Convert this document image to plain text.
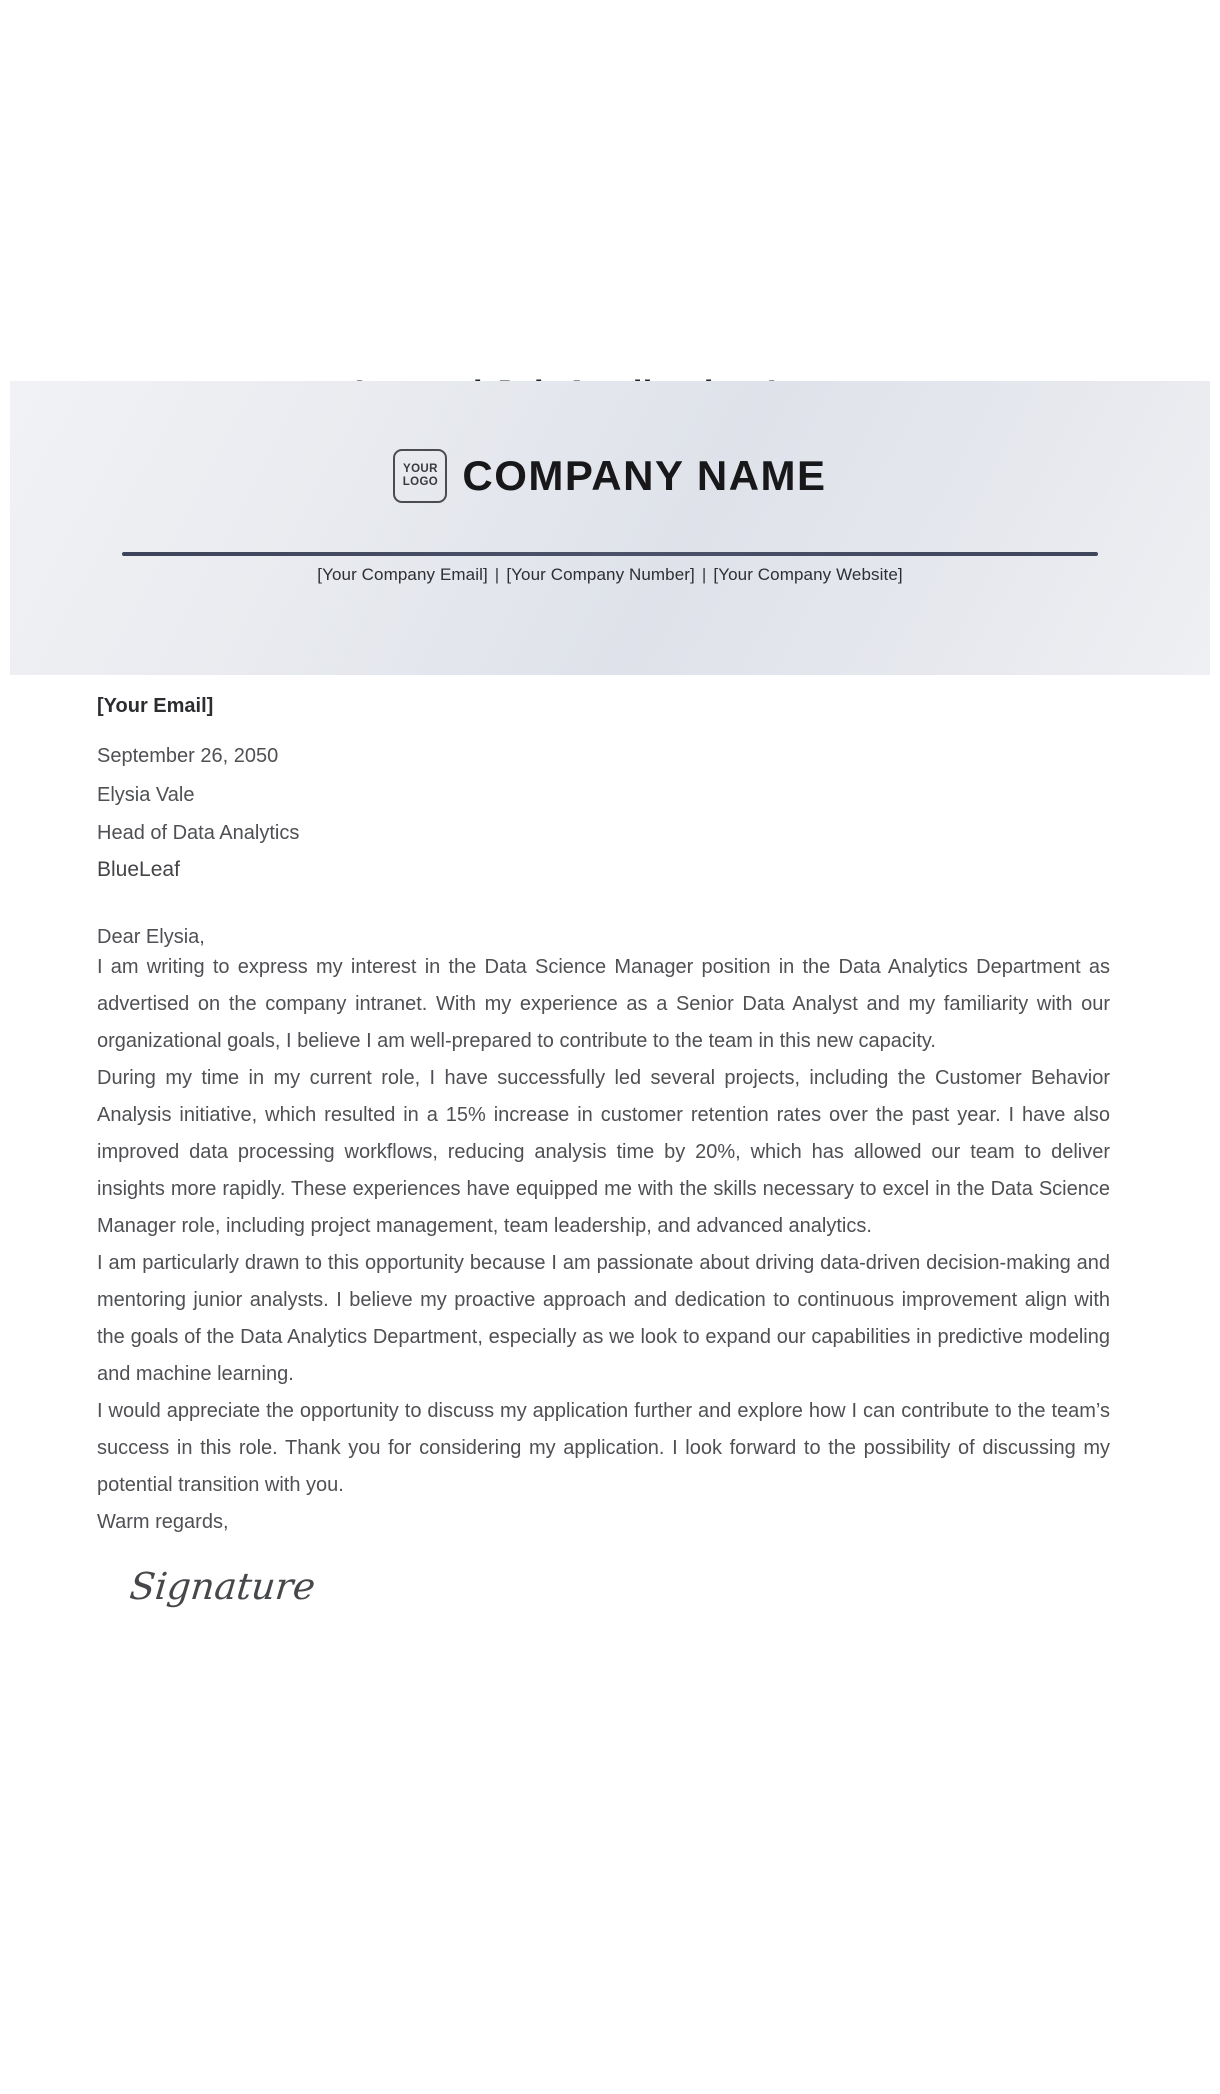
YOUR
LOGO COMPANY NAME
[Your Company Email] | [Your Company Number] | [Your Company Website]

[Your Email]

September 26, 2050

Elysia Vale

Head of Data Analytics

BlueLeaf

Dear Elysia,

I am writing to express my interest in the Data Science Manager position in the Data Analytics Department as advertised on the company intranet. With my experience as a Senior Data Analyst and my familiarity with our organizational goals, I believe I am well-prepared to contribute to the team in this new capacity.

During my time in my current role, I have successfully led several projects, including the Customer Behavior Analysis initiative, which resulted in a 15% increase in customer retention rates over the past year. I have also improved data processing workflows, reducing analysis time by 20%, which has allowed our team to deliver insights more rapidly. These experiences have equipped me with the skills necessary to excel in the Data Science Manager role, including project management, team leadership, and advanced analytics.

I am particularly drawn to this opportunity because I am passionate about driving data-driven decision-making and mentoring junior analysts. I believe my proactive approach and dedication to continuous improvement align with the goals of the Data Analytics Department, especially as we look to expand our capabilities in predictive modeling and machine learning.

I would appreciate the opportunity to discuss my application further and explore how I can contribute to the team’s success in this role. Thank you for considering my application. I look forward to the possibility of discussing my potential transition with you.

Warm regards,

Signature
